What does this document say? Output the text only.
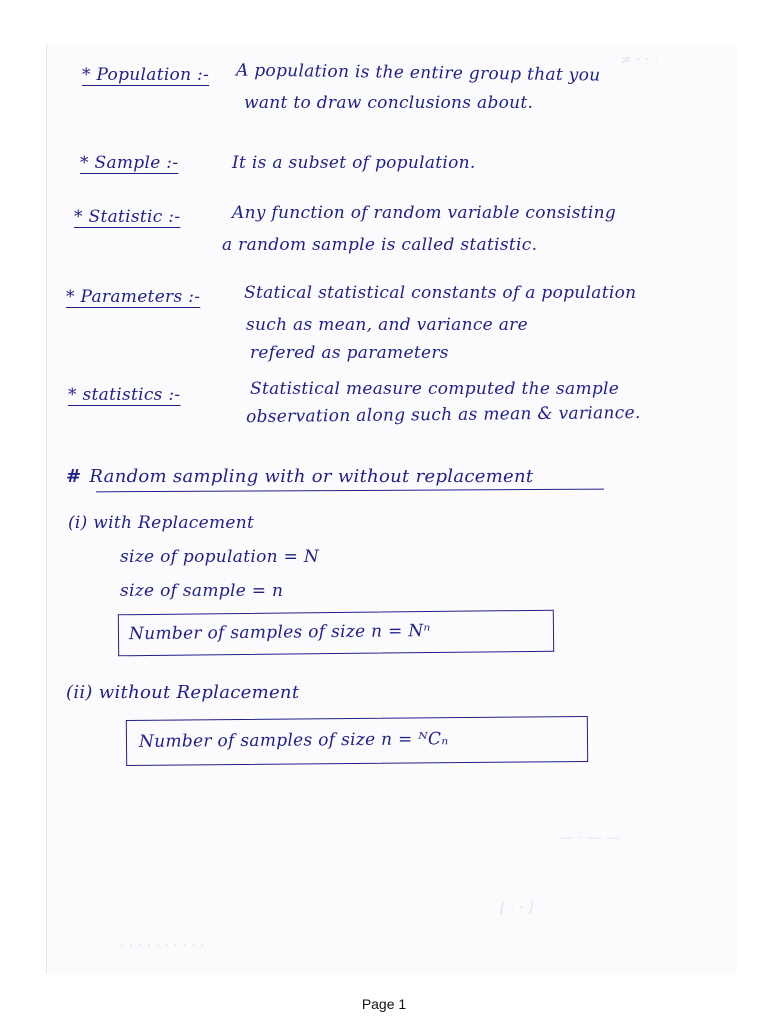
≠ · · ·
* Population :- A population is the entire group that you
want to draw conclusions about.
* Sample :-	It is a subset of population.
* Statistic :-	Any function of random variable consisting
a random sample is called statistic.
* Parameters :-	Statical statistical constants of a population
such as mean, and variance are
refered as parameters
* statistics :-	Statistical measure computed the sample
observation along such as mean & variance.
# Random sampling with or without replacement
(i) with Replacement
size of population = N
size of sample = n
Number of samples of size n = Nⁿ
(ii) without Replacement
Number of samples of size n = ᴺCₙ
— · — —
· · · · · · · · · ·
[ · · ]
Page 1
